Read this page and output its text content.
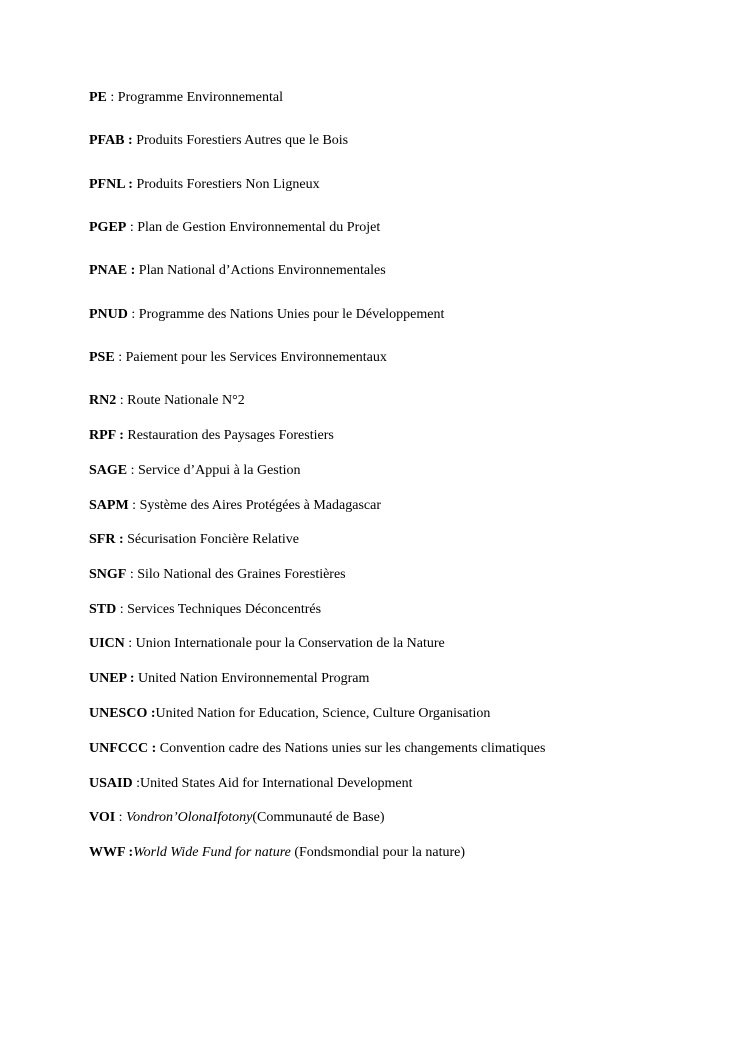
PE : Programme Environnemental
PFAB : Produits Forestiers Autres que le Bois
PFNL : Produits Forestiers Non Ligneux
PGEP : Plan de Gestion Environnemental du Projet
PNAE : Plan National d’Actions Environnementales
PNUD : Programme des Nations Unies pour le Développement
PSE : Paiement pour les Services Environnementaux
RN2 : Route Nationale N°2
RPF : Restauration des Paysages Forestiers
SAGE : Service d’Appui à la Gestion
SAPM : Système des Aires Protégées à Madagascar
SFR : Sécurisation Foncière Relative
SNGF : Silo National des Graines Forestières
STD : Services Techniques Déconcentrés
UICN : Union Internationale pour la Conservation de la Nature
UNEP : United Nation Environnemental Program
UNESCO :United Nation for Education, Science, Culture Organisation
UNFCCC : Convention cadre des Nations unies sur les changements climatiques
USAID :United States Aid for International Development
VOI : Vondron’OlonaIfotony(Communauté de Base)
WWF :World Wide Fund for nature (Fondsmondial pour la nature)
